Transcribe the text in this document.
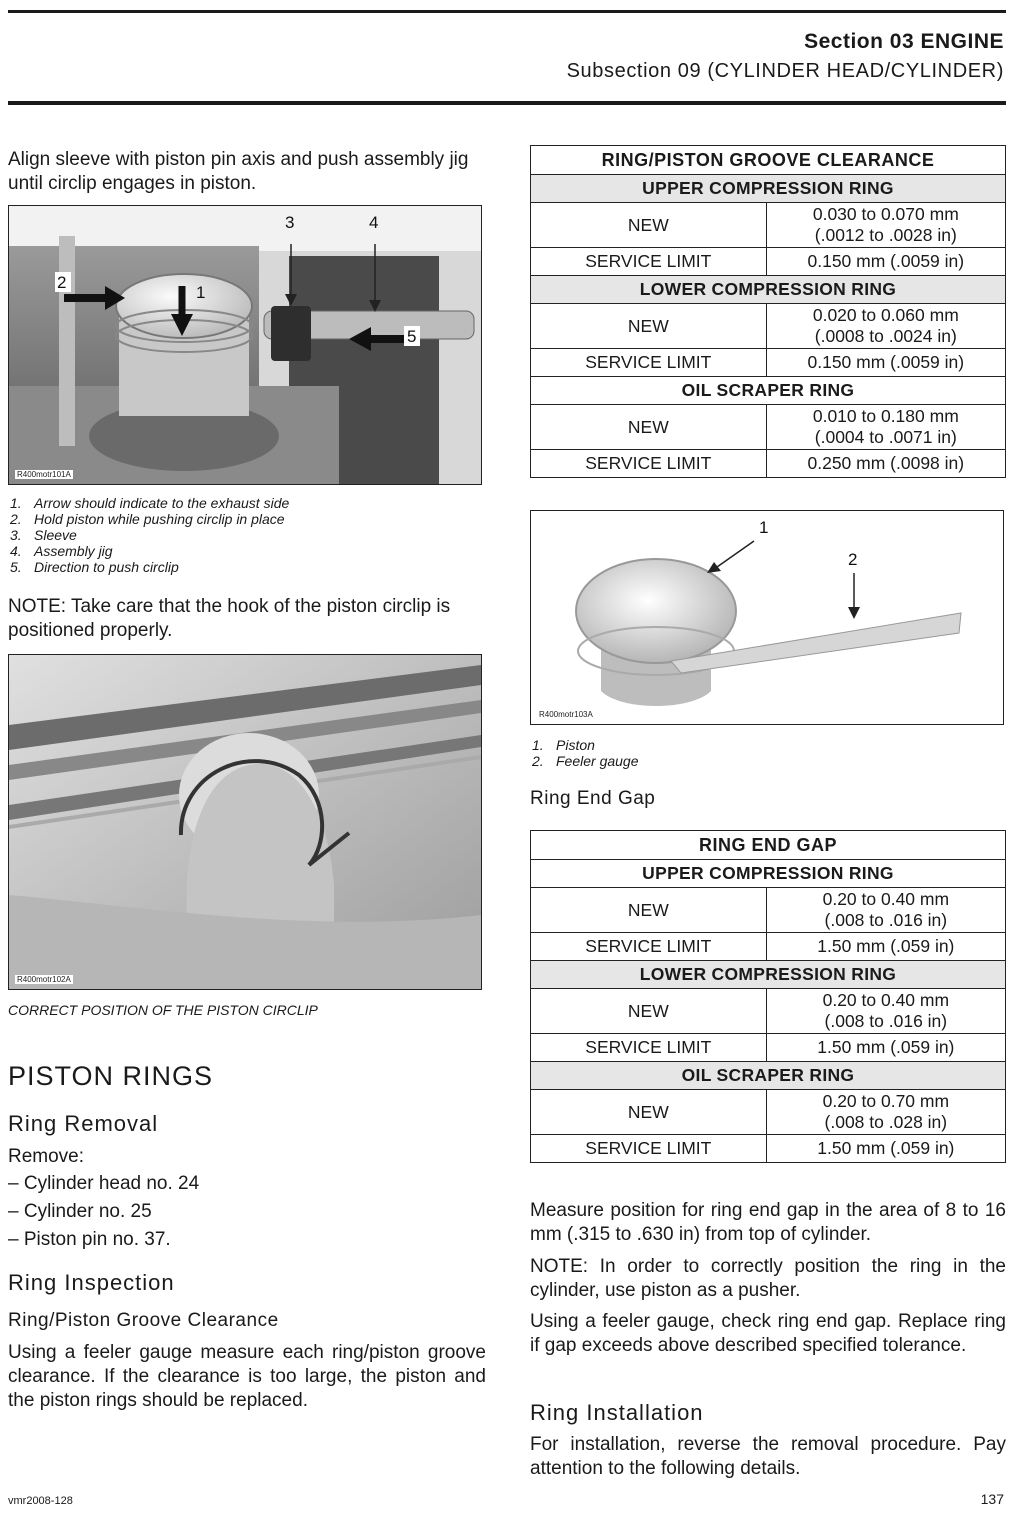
Section 03 ENGINE
Subsection 09 (CYLINDER HEAD/CYLINDER)
Align sleeve with piston pin axis and push assembly jig until circlip engages in piston.
2
1
3	4
5
R400motr101A
1. Arrow should indicate to the exhaust side
2. Hold piston while pushing circlip in place
3. Sleeve
4. Assembly jig
5. Direction to push circlip
NOTE: Take care that the hook of the piston circlip is positioned properly.
R400motr102A
CORRECT POSITION OF THE PISTON CIRCLIP
PISTON RINGS
Ring Removal
Remove:
– Cylinder head no. 24
– Cylinder no. 25
– Piston pin no. 37.
Ring Inspection
Ring/Piston Groove Clearance
Using a feeler gauge measure each ring/piston groove clearance. If the clearance is too large, the piston and the piston rings should be replaced.
RING/PISTON GROOVE CLEARANCE	
UPPER COMPRESSION RING	
NEW	0.030 to 0.070 mm
(.0012 to .0028 in)

SERVICE LIMIT	0.150 mm (.0059 in)
LOWER COMPRESSION RING	
NEW	0.020 to 0.060 mm
(.0008 to .0024 in)

SERVICE LIMIT	0.150 mm (.0059 in)
OIL SCRAPER RING	
NEW	0.010 to 0.180 mm
(.0004 to .0071 in)

SERVICE LIMIT	0.250 mm (.0098 in)
1
2
R400motr103A
1. Piston
2. Feeler gauge
Ring End Gap
RING END GAP	
UPPER COMPRESSION RING	
NEW	0.20 to 0.40 mm
(.008 to .016 in)

SERVICE LIMIT	1.50 mm (.059 in)
LOWER COMPRESSION RING	
NEW	0.20 to 0.40 mm
(.008 to .016 in)

SERVICE LIMIT	1.50 mm (.059 in)
OIL SCRAPER RING	
NEW	0.20 to 0.70 mm
(.008 to .028 in)

SERVICE LIMIT	1.50 mm (.059 in)
Measure position for ring end gap in the area of 8 to 16 mm (.315 to .630 in) from top of cylinder.
NOTE: In order to correctly position the ring in the cylinder, use piston as a pusher.
Using a feeler gauge, check ring end gap. Replace ring if gap exceeds above described specified tolerance.
Ring Installation
For installation, reverse the removal procedure. Pay attention to the following details.
vmr2008-128	137
